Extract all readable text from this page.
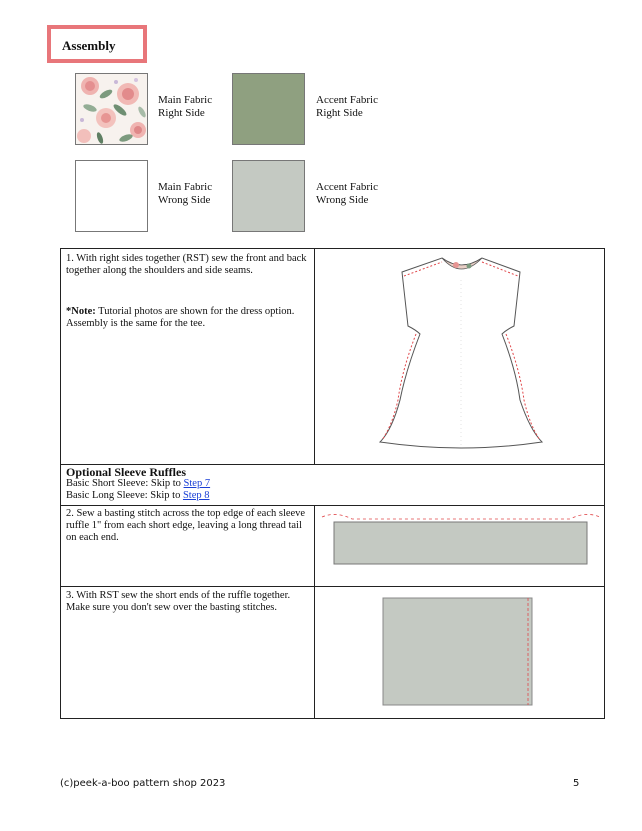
Assembly
Main Fabric
Right Side
Accent Fabric
Right Side
Main Fabric
Wrong Side
Accent Fabric
Wrong Side
1. With right sides together (RST) sew the front and back together along the shoulders and side seams.
*Note: Tutorial photos are shown for the dress option. Assembly is the same for the tee.
Optional Sleeve Ruffles
Basic Short Sleeve: Skip to Step 7
Basic Long Sleeve: Skip to Step 8
2. Sew a basting stitch across the top edge of each sleeve ruffle 1" from each short edge, leaving a long thread tail on each end.
3. With RST sew the short ends of the ruffle together. Make sure you don't sew over the basting stitches.
(c)peek-a-boo pattern shop 2023	5
